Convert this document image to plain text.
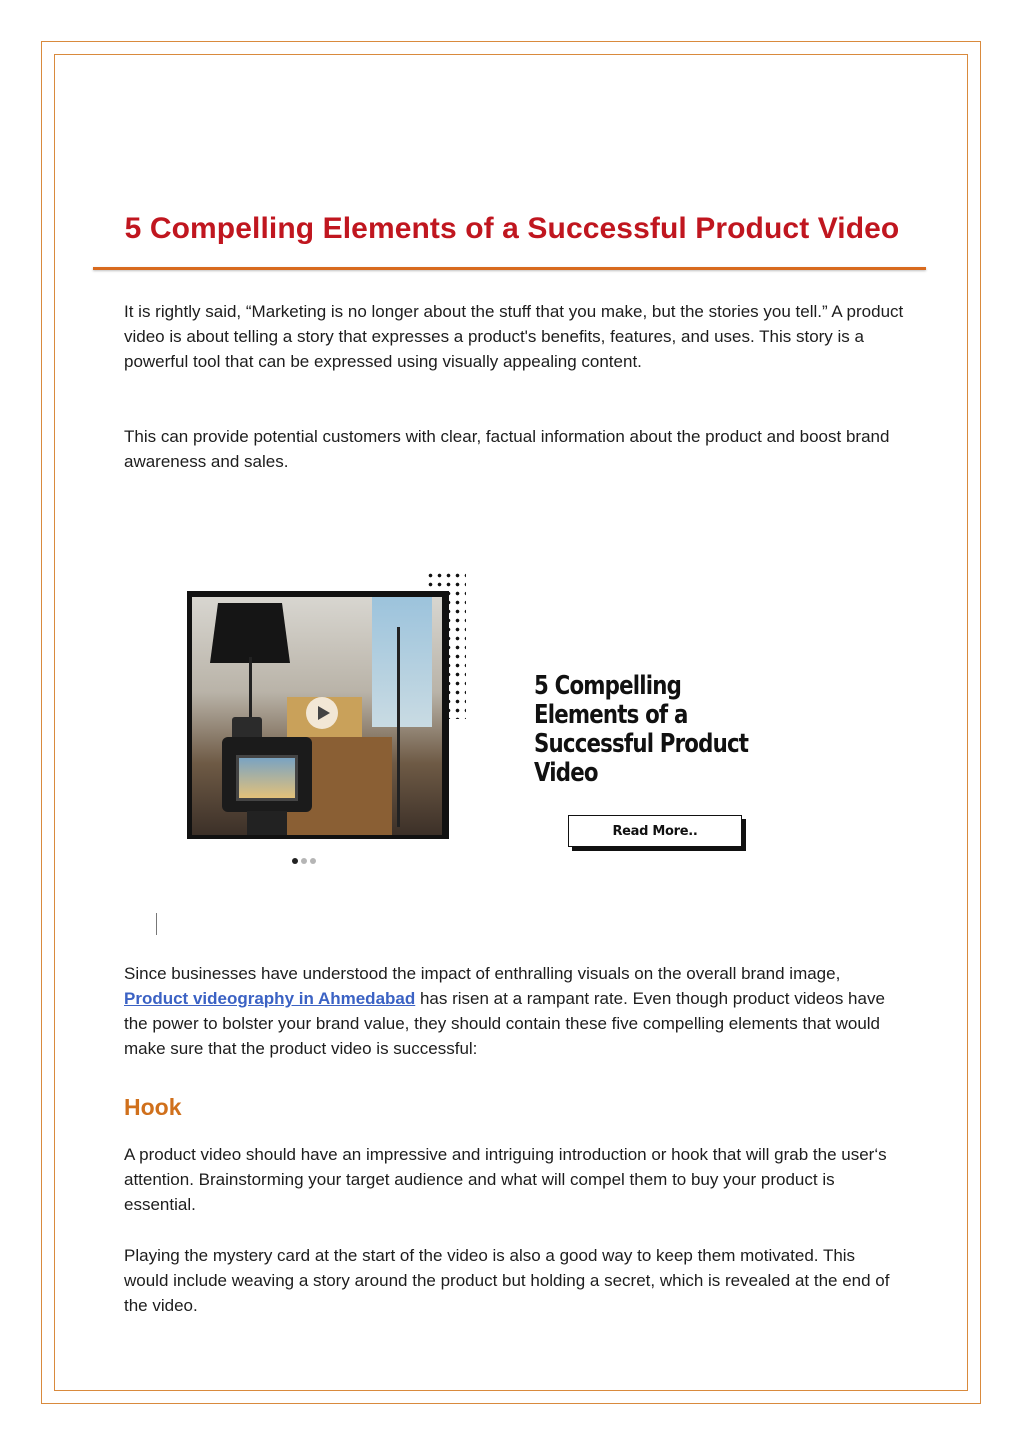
5 Compelling Elements of a Successful Product Video

It is rightly said, “Marketing is no longer about the stuff that you make, but the stories you tell.” A product video is about telling a story that expresses a product's benefits, features, and uses. This story is a powerful tool that can be expressed using visually appealing content.

This can provide potential customers with clear, factual information about the product and boost brand awareness and sales.

5 Compelling Elements of a Successful Product Video
Read More..

Since businesses have understood the impact of enthralling visuals on the overall brand image, Product videography in Ahmedabad has risen at a rampant rate. Even though product videos have the power to bolster your brand value, they should contain these five compelling elements that would make sure that the product video is successful:

Hook

A product video should have an impressive and intriguing introduction or hook that will grab the user‘s attention. Brainstorming your target audience and what will compel them to buy your product is essential.

Playing the mystery card at the start of the video is also a good way to keep them motivated. This would include weaving a story around the product but holding a secret, which is revealed at the end of the video.
